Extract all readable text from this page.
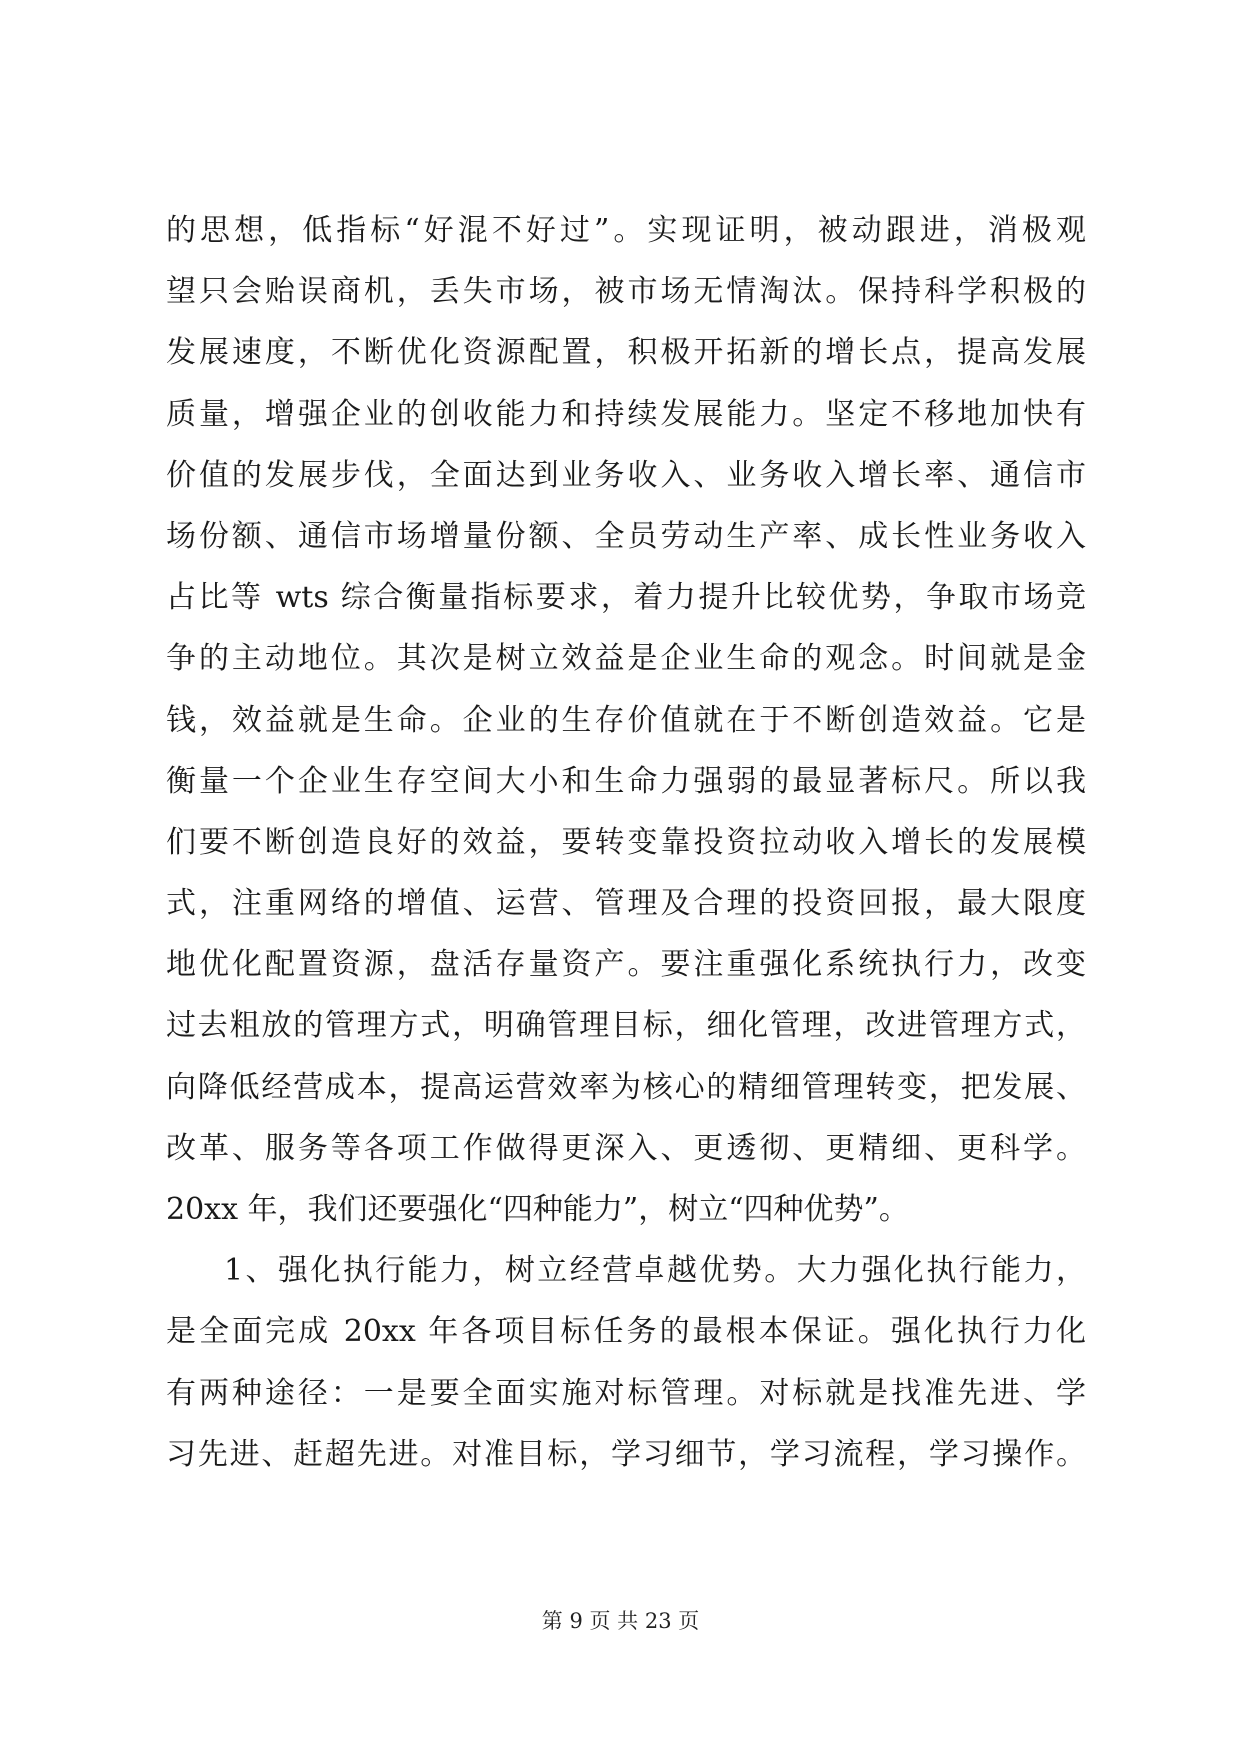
的思想，低指标“好混不好过”。实现证明，被动跟进，消极观
望只会贻误商机，丢失市场，被市场无情淘汰。保持科学积极的
发展速度，不断优化资源配置，积极开拓新的增长点，提高发展
质量，增强企业的创收能力和持续发展能力。坚定不移地加快有
价值的发展步伐，全面达到业务收入、业务收入增长率、通信市
场份额、通信市场增量份额、全员劳动生产率、成长性业务收入
占比等 wts 综合衡量指标要求，着力提升比较优势，争取市场竞
争的主动地位。其次是树立效益是企业生命的观念。时间就是金
钱，效益就是生命。企业的生存价值就在于不断创造效益。它是
衡量一个企业生存空间大小和生命力强弱的最显著标尺。所以我
们要不断创造良好的效益，要转变靠投资拉动收入增长的发展模
式，注重网络的增值、运营、管理及合理的投资回报，最大限度
地优化配置资源，盘活存量资产。要注重强化系统执行力，改变
过去粗放的管理方式，明确管理目标，细化管理，改进管理方式，
向降低经营成本，提高运营效率为核心的精细管理转变，把发展、
改革、服务等各项工作做得更深入、更透彻、更精细、更科学。
20xx 年，我们还要强化“四种能力”，树立“四种优势”。
1、强化执行能力，树立经营卓越优势。大力强化执行能力，
是全面完成 20xx 年各项目标任务的最根本保证。强化执行力化
有两种途径：一是要全面实施对标管理。对标就是找准先进、学
习先进、赶超先进。对准目标，学习细节，学习流程，学习操作。
第 9 页 共 23 页
